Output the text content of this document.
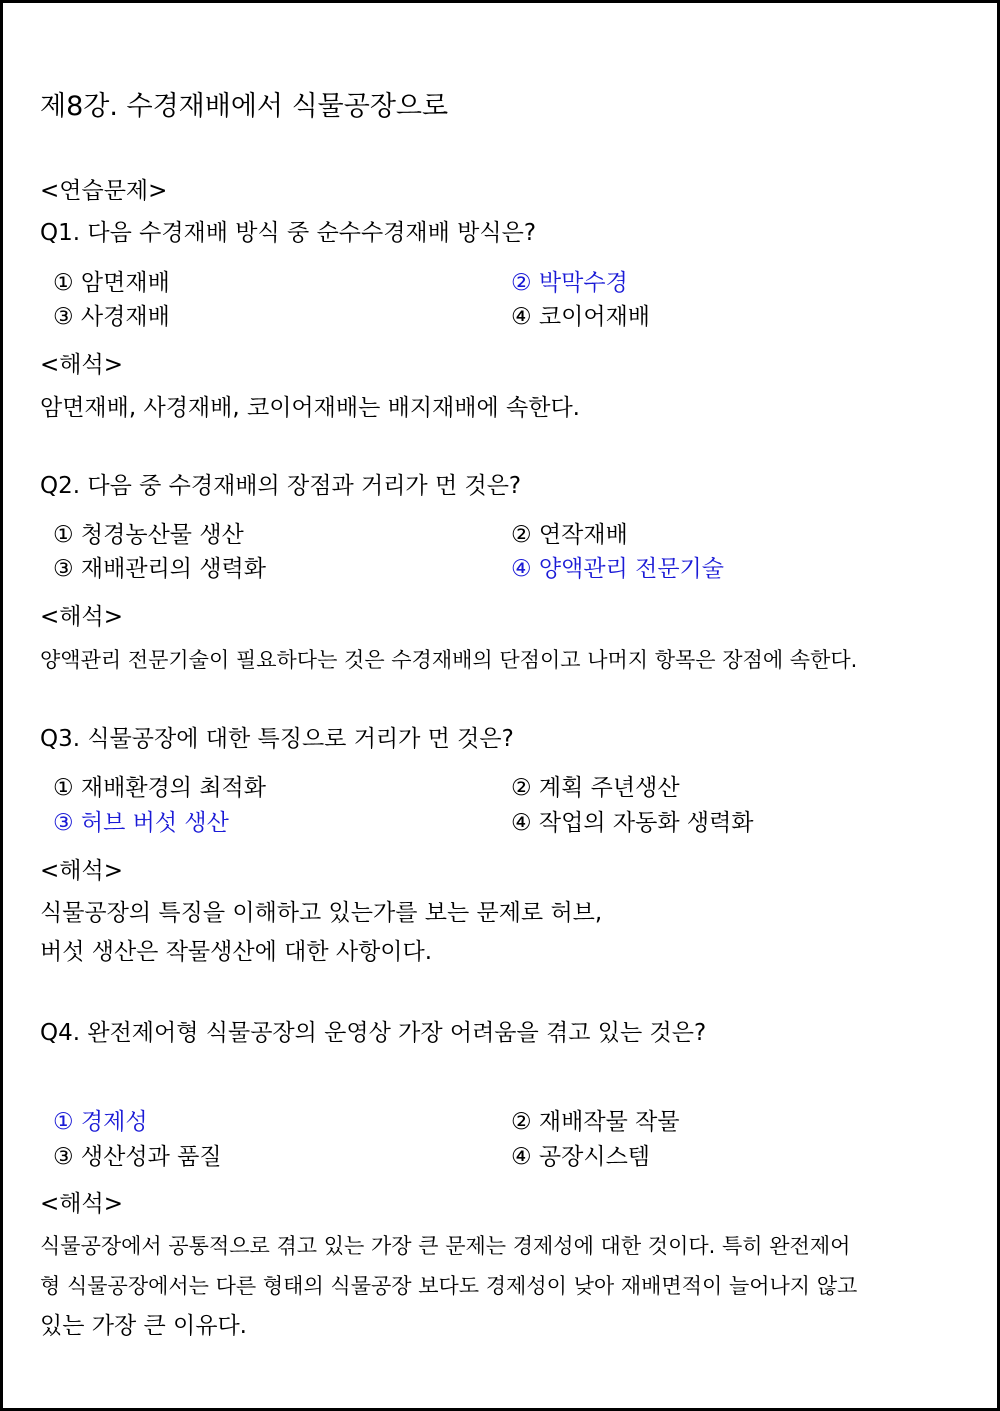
제8강. 수경재배에서 식물공장으로
<연습문제>
Q1. 다음 수경재배 방식 중 순수수경재배 방식은?
① 암면재배	② 박막수경
③ 사경재배	④ 코이어재배
<해석>
암면재배, 사경재배, 코이어재배는 배지재배에 속한다.
Q2. 다음 중 수경재배의 장점과 거리가 먼 것은?
① 청경농산물 생산	② 연작재배
③ 재배관리의 생력화	④ 양액관리 전문기술
<해석>
양액관리 전문기술이 필요하다는 것은 수경재배의 단점이고 나머지 항목은 장점에 속한다.
Q3. 식물공장에 대한 특징으로 거리가 먼 것은?
① 재배환경의 최적화	② 계획 주년생산
③ 허브 버섯 생산	④ 작업의 자동화 생력화
<해석>
식물공장의 특징을 이해하고 있는가를 보는 문제로 허브,
버섯 생산은 작물생산에 대한 사항이다.
Q4. 완전제어형 식물공장의 운영상 가장 어려움을 겪고 있는 것은?
① 경제성	② 재배작물 작물
③ 생산성과 품질	④ 공장시스템
<해석>
식물공장에서 공통적으로 겪고 있는 가장 큰 문제는 경제성에 대한 것이다. 특히 완전제어
형 식물공장에서는 다른 형태의 식물공장 보다도 경제성이 낮아 재배면적이 늘어나지 않고
있는 가장 큰 이유다.
